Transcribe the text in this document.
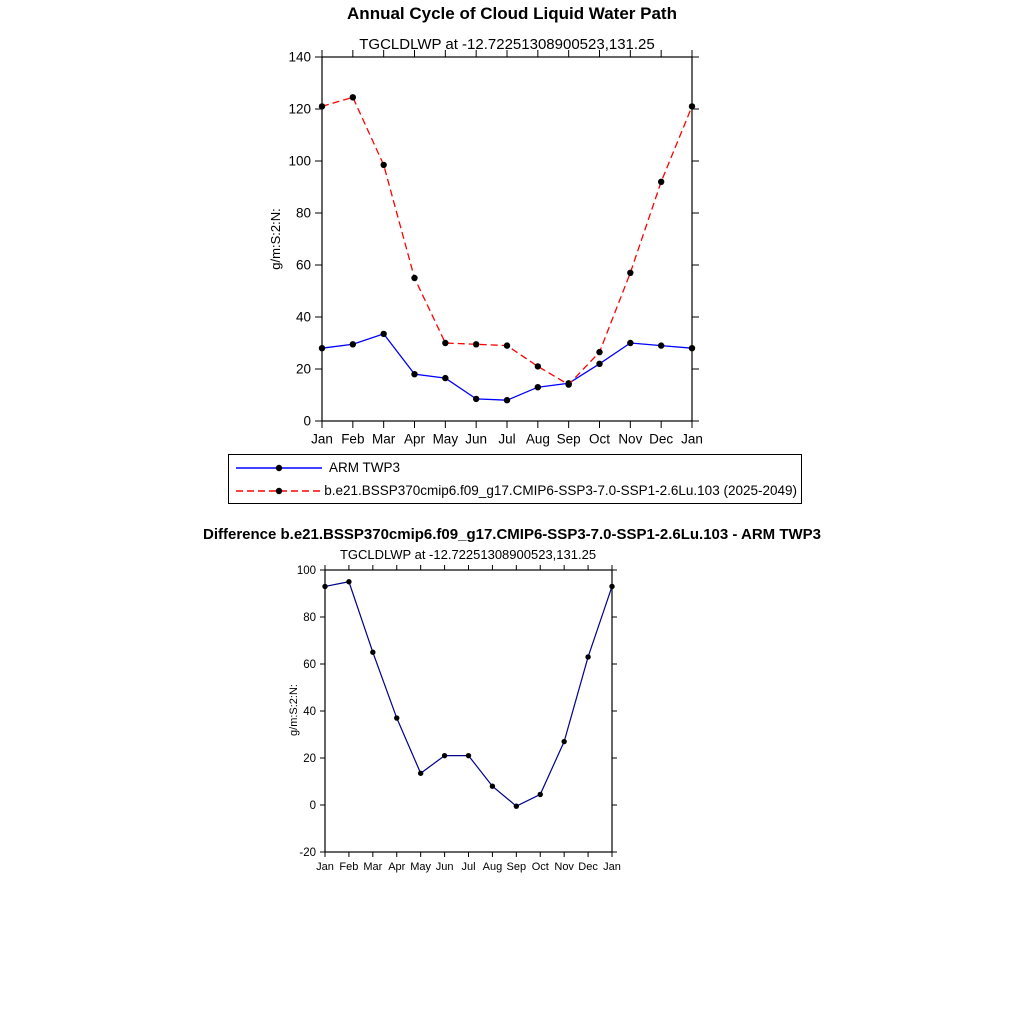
0
20
40
60
80
100
120
140
Jan Feb Mar Apr May Jun Jul Aug Sep Oct Nov Dec Jan
-20
0
20
40
60
80
100
Jan Feb Mar Apr May Jun Jul Aug Sep Oct Nov Dec Jan
Annual Cycle of Cloud Liquid Water Path
TGCLDLWP at -12.72251308900523,131.25
g/m:S:2:N:
ARM TWP3
b.e21.BSSP370cmip6.f09_g17.CMIP6-SSP3-7.0-SSP1-2.6Lu.103 (2025-2049)
Difference b.e21.BSSP370cmip6.f09_g17.CMIP6-SSP3-7.0-SSP1-2.6Lu.103 - ARM TWP3
TGCLDLWP at -12.72251308900523,131.25
g/m:S:2:N:
